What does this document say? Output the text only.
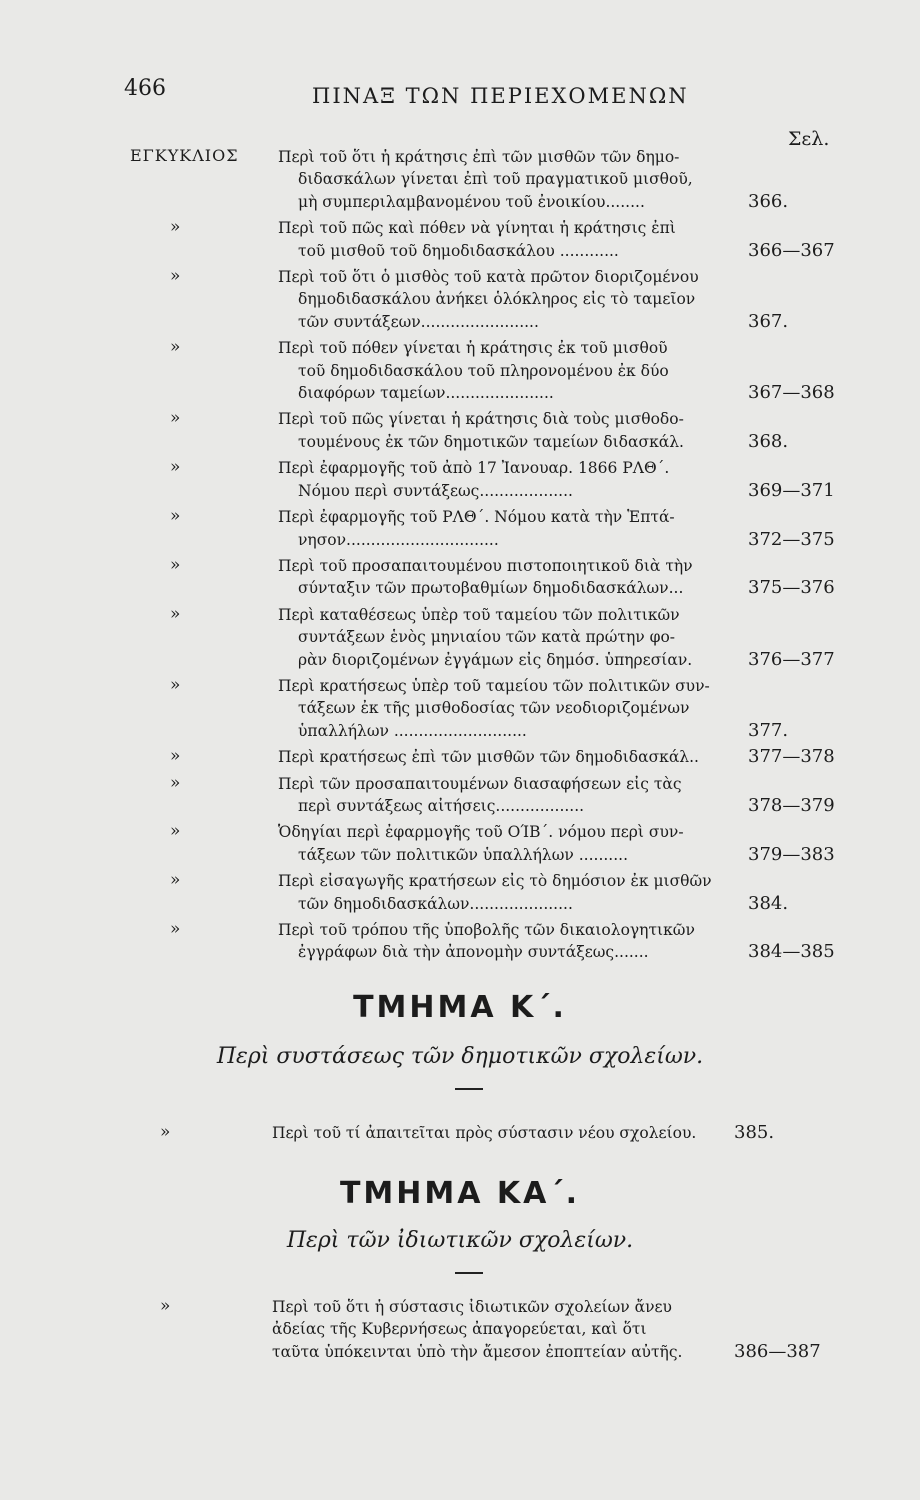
466	ΠΙΝΑΞ ΤΩΝ ΠΕΡΙΕΧΟΜΕΝΩΝ
Σελ.
ΕΓΚΥΚΛΙΟΣ	Περὶ τοῦ ὅτι ἡ κράτησις ἐπὶ τῶν μισθῶν τῶν δημο-
διδασκάλων γίνεται ἐπὶ τοῦ πραγματικοῦ μισθοῦ,
μὴ συμπεριλαμβανομένου τοῦ ἐνοικίου........	366.
»	Περὶ τοῦ πῶς καὶ πόθεν νὰ γίνηται ἡ κράτησις ἐπὶ
τοῦ μισθοῦ τοῦ δημοδιδασκάλου ............	366—367
»	Περὶ τοῦ ὅτι ὁ μισθὸς τοῦ κατὰ πρῶτον διοριζομένου
δημοδιδασκάλου ἀνήκει ὁλόκληρος εἰς τὸ ταμεῖον
τῶν συντάξεων........................	367.
»	Περὶ τοῦ πόθεν γίνεται ἡ κράτησις ἐκ τοῦ μισθοῦ
τοῦ δημοδιδασκάλου τοῦ πληρονομένου ἐκ δύο
διαφόρων ταμείων......................	367—368
»	Περὶ τοῦ πῶς γίνεται ἡ κράτησις διὰ τοὺς μισθοδο-
τουμένους ἐκ τῶν δημοτικῶν ταμείων διδασκάλ.	368.
»	Περὶ ἐφαρμογῆς τοῦ ἀπὸ 17 Ἰανουαρ. 1866 ΡΛΘ΄.
Νόμου περὶ συντάξεως...................	369—371
»	Περὶ ἐφαρμογῆς τοῦ ΡΛΘ΄. Νόμου κατὰ τὴν Ἑπτά-
νησον...............................	372—375
»	Περὶ τοῦ προσαπαιτουμένου πιστοποιητικοῦ διὰ τὴν
σύνταξιν τῶν πρωτοβαθμίων δημοδιδασκάλων...	375—376
»	Περὶ καταθέσεως ὑπὲρ τοῦ ταμείου τῶν πολιτικῶν
συντάξεων ἑνὸς μηνιαίου τῶν κατὰ πρώτην φο-
ρὰν διοριζομένων ἐγγάμων εἰς δημόσ. ὑπηρεσίαν.	376—377
»	Περὶ κρατήσεως ὑπὲρ τοῦ ταμείου τῶν πολιτικῶν συν-
τάξεων ἐκ τῆς μισθοδοσίας τῶν νεοδιοριζομένων
ὑπαλλήλων ...........................	377.
»	Περὶ κρατήσεως ἐπὶ τῶν μισθῶν τῶν δημοδιδασκάλ..	377—378
»	Περὶ τῶν προσαπαιτουμένων διασαφήσεων εἰς τὰς
περὶ συντάξεως αἰτήσεις..................	378—379
»	Ὁδηγίαι περὶ ἐφαρμογῆς τοῦ ΟΊΒ΄. νόμου περὶ συν-
τάξεων τῶν πολιτικῶν ὑπαλλήλων ..........	379—383
»	Περὶ εἰσαγωγῆς κρατήσεων εἰς τὸ δημόσιον ἐκ μισθῶν
τῶν δημοδιδασκάλων.....................	384.
»	Περὶ τοῦ τρόπου τῆς ὑποβολῆς τῶν δικαιολογητικῶν
ἐγγράφων διὰ τὴν ἀπονομὴν συντάξεως.......	384—385
ΤΜΗΜΑ Κ΄.
Περὶ συστάσεως τῶν δημοτικῶν σχολείων.
»	Περὶ τοῦ τί ἀπαιτεῖται πρὸς σύστασιν νέου σχολείου. 385.
ΤΜΗΜΑ ΚΑ΄.
Περὶ τῶν ἰδιωτικῶν σχολείων.
»	Περὶ τοῦ ὅτι ἡ σύστασις ἰδιωτικῶν σχολείων ἄνευ
ἀδείας τῆς Κυβερνήσεως ἀπαγορεύεται, καὶ ὅτι
ταῦτα ὑπόκεινται ὑπὸ τὴν ἄμεσον ἐποπτείαν αὐτῆς.	386—387
